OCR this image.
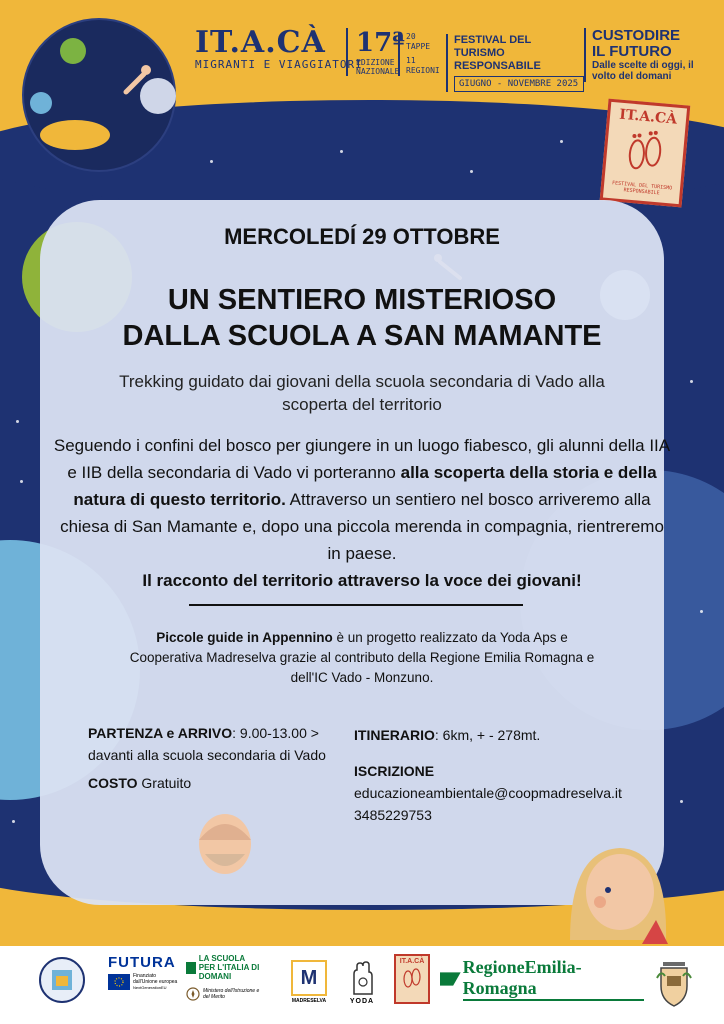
IT.A.CÀ
MIGRANTI E VIAGGIATORI
17ª
EDIZIONE
NAZIONALE
20 TAPPE
11 REGIONI
FESTIVAL DEL TURISMO RESPONSABILE
GIUGNO - NOVEMBRE 2025
CUSTODIRE IL FUTURO
Dalle scelte di oggi, il volto del domani
IT.A.CÀ
FESTIVAL DEL TURISMO RESPONSABILE
MERCOLEDÍ 29 OTTOBRE
UN SENTIERO MISTERIOSO
DALLA SCUOLA A SAN MAMANTE
Trekking guidato dai giovani della scuola secondaria di Vado alla scoperta del territorio
Seguendo i confini del bosco per giungere in un luogo fiabesco, gli alunni della IIA e IIB della secondaria di Vado vi porteranno alla scoperta della storia e della natura di questo territorio. Attraverso un sentiero nel bosco arriveremo alla chiesa di San Mamante e, dopo una piccola merenda in compagnia, rientreremo in paese.
Il racconto del territorio attraverso la voce dei giovani!
Piccole guide in Appennino è un progetto realizzato da Yoda Aps e Cooperativa Madreselva grazie al contributo della Regione Emilia Romagna e dell'IC Vado - Monzuno.
PARTENZA e ARRIVO: 9.00-13.00 > davanti alla scuola secondaria di Vado
COSTO Gratuito
ITINERARIO: 6km, + - 278mt.
ISCRIZIONE
educazioneambientale@coopmadreselva.it
3485229753
FUTURA
Finanziato dall'Unione europea
NextGenerationEU
LA SCUOLA
PER L'ITALIA DI DOMANI
Ministero dell'Istruzione e del Merito
M
MADRESELVA	YODA
IT.A.CÀ RegioneEmilia-Romagna
